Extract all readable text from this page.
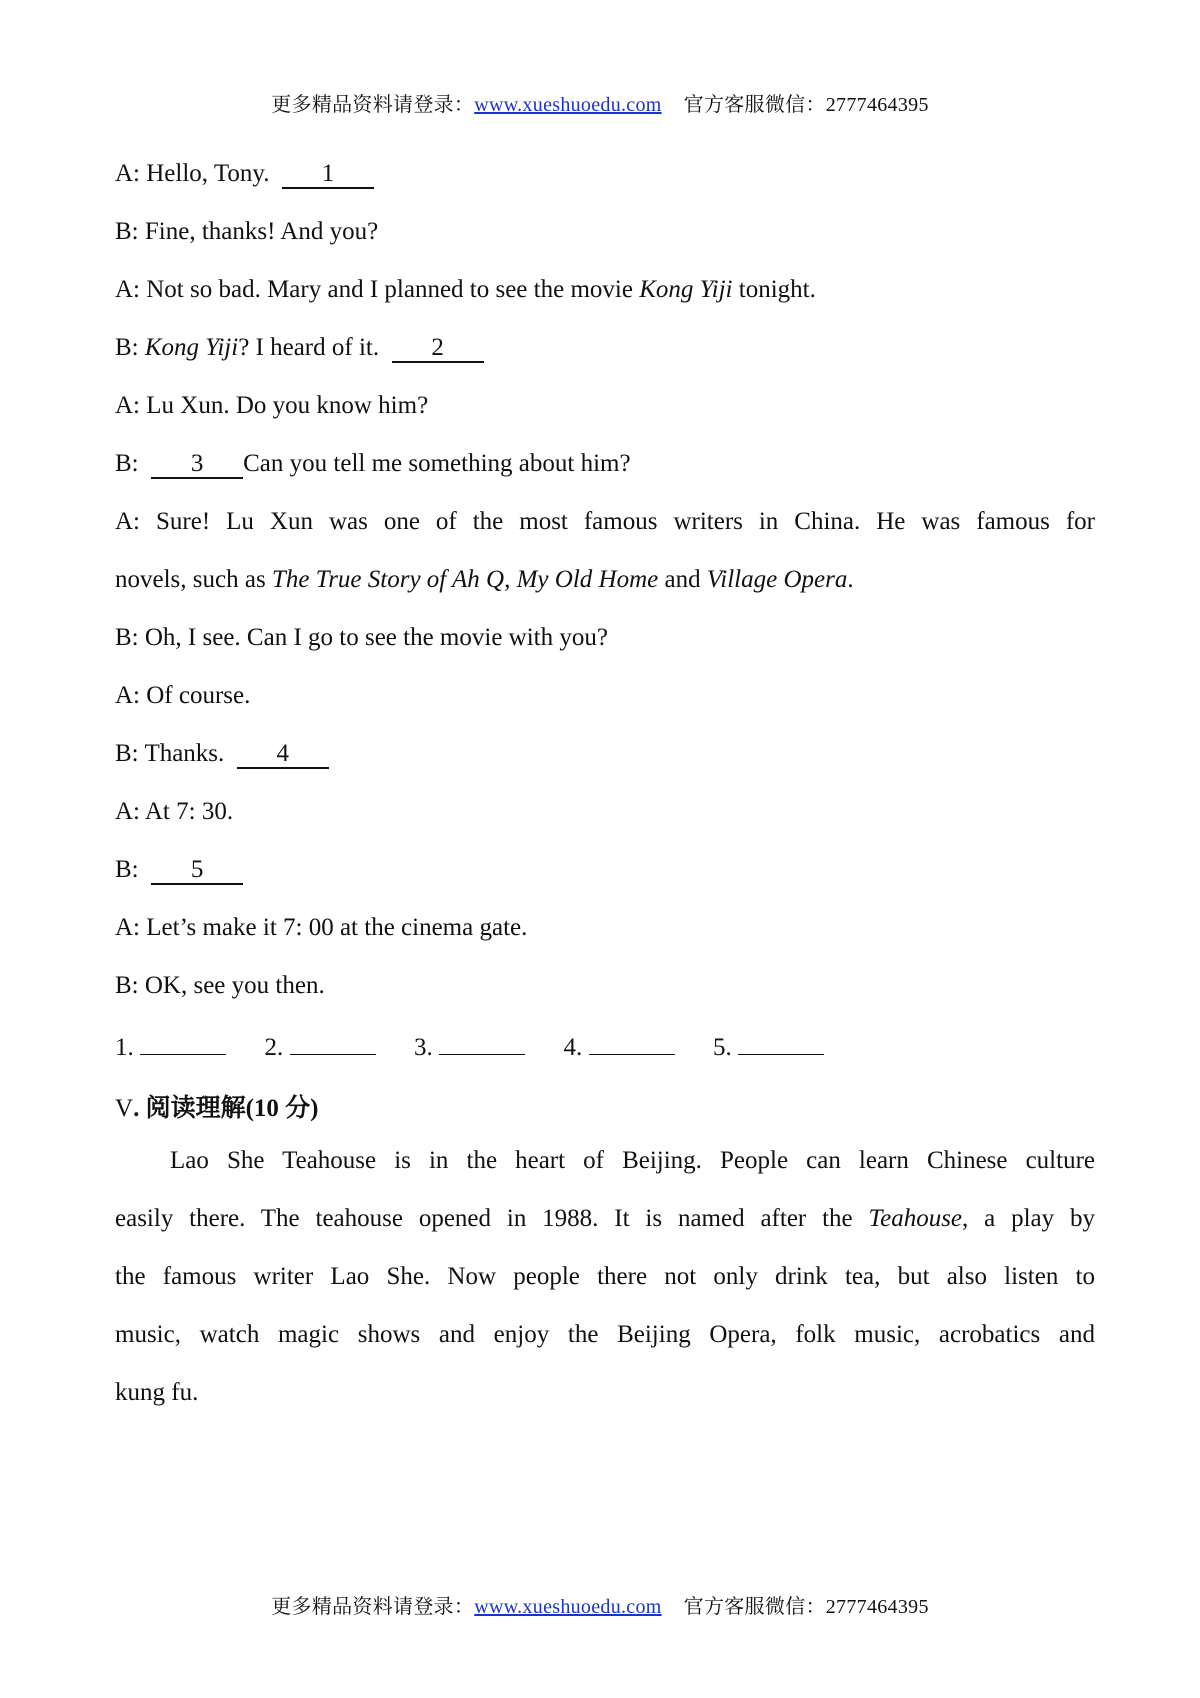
更多精品资料请登录：www.xueshuoedu.com 官方客服微信：2777464395
A: Hello, Tony. 1
B: Fine, thanks! And you?
A: Not so bad. Mary and I planned to see the movie Kong Yiji tonight.
B: Kong Yiji? I heard of it. 2
A: Lu Xun. Do you know him?
B: 3 Can you tell me something about him?
A: Sure! Lu Xun was one of the most famous writers in China. He was famous for
novels, such as The True Story of Ah Q, My Old Home and Village Opera.
B: Oh, I see. Can I go to see the movie with you?
A: Of course.
B: Thanks. 4
A: At 7: 30.
B: 5
A: Let’s make it 7: 00 at the cinema gate.
B: OK, see you then.
1.	2.	3.	4.	5.
V. 阅读理解(10 分)
Lao She Teahouse is in the heart of Beijing. People can learn Chinese culture
easily there. The teahouse opened in 1988. It is named after the Teahouse, a play by
the famous writer Lao She. Now people there not only drink tea, but also listen to
music, watch magic shows and enjoy the Beijing Opera, folk music, acrobatics and
kung fu.
更多精品资料请登录：www.xueshuoedu.com 官方客服微信：2777464395
